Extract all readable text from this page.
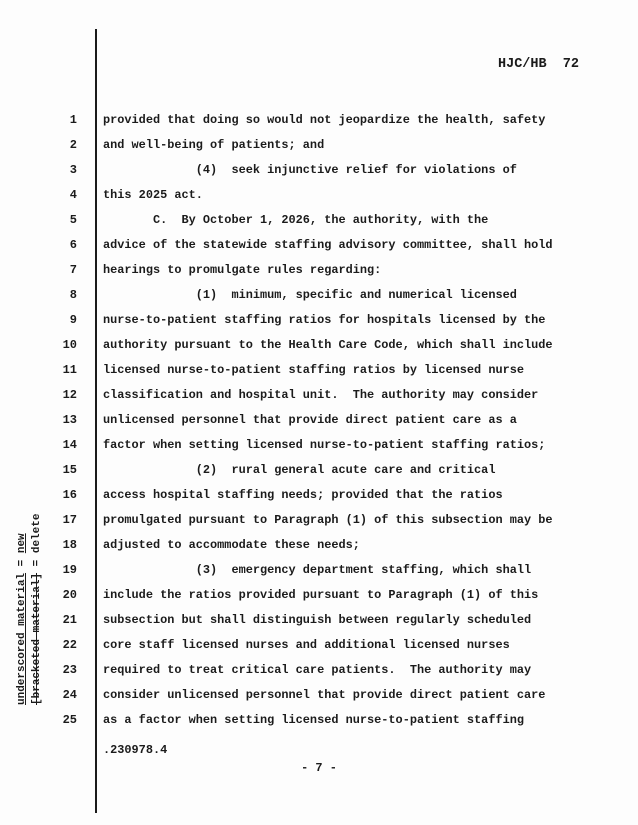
HJC/HB  72
underscored material = new
[bracketed material] = delete
1
2
3
4
5
6
7
8
9
10
11
12
13
14
15
16
17
18
19
20
21
22
23
24
25
provided that doing so would not jeopardize the health, safety
and well-being of patients; and
(4)  seek injunctive relief for violations of
this 2025 act.
C.  By October 1, 2026, the authority, with the
advice of the statewide staffing advisory committee, shall hold
hearings to promulgate rules regarding:
(1)  minimum, specific and numerical licensed
nurse-to-patient staffing ratios for hospitals licensed by the
authority pursuant to the Health Care Code, which shall include
licensed nurse-to-patient staffing ratios by licensed nurse
classification and hospital unit.  The authority may consider
unlicensed personnel that provide direct patient care as a
factor when setting licensed nurse-to-patient staffing ratios;
(2)  rural general acute care and critical
access hospital staffing needs; provided that the ratios
promulgated pursuant to Paragraph (1) of this subsection may be
adjusted to accommodate these needs;
(3)  emergency department staffing, which shall
include the ratios provided pursuant to Paragraph (1) of this
subsection but shall distinguish between regularly scheduled
core staff licensed nurses and additional licensed nurses
required to treat critical care patients.  The authority may
consider unlicensed personnel that provide direct patient care
as a factor when setting licensed nurse-to-patient staffing
.230978.4
- 7 -
